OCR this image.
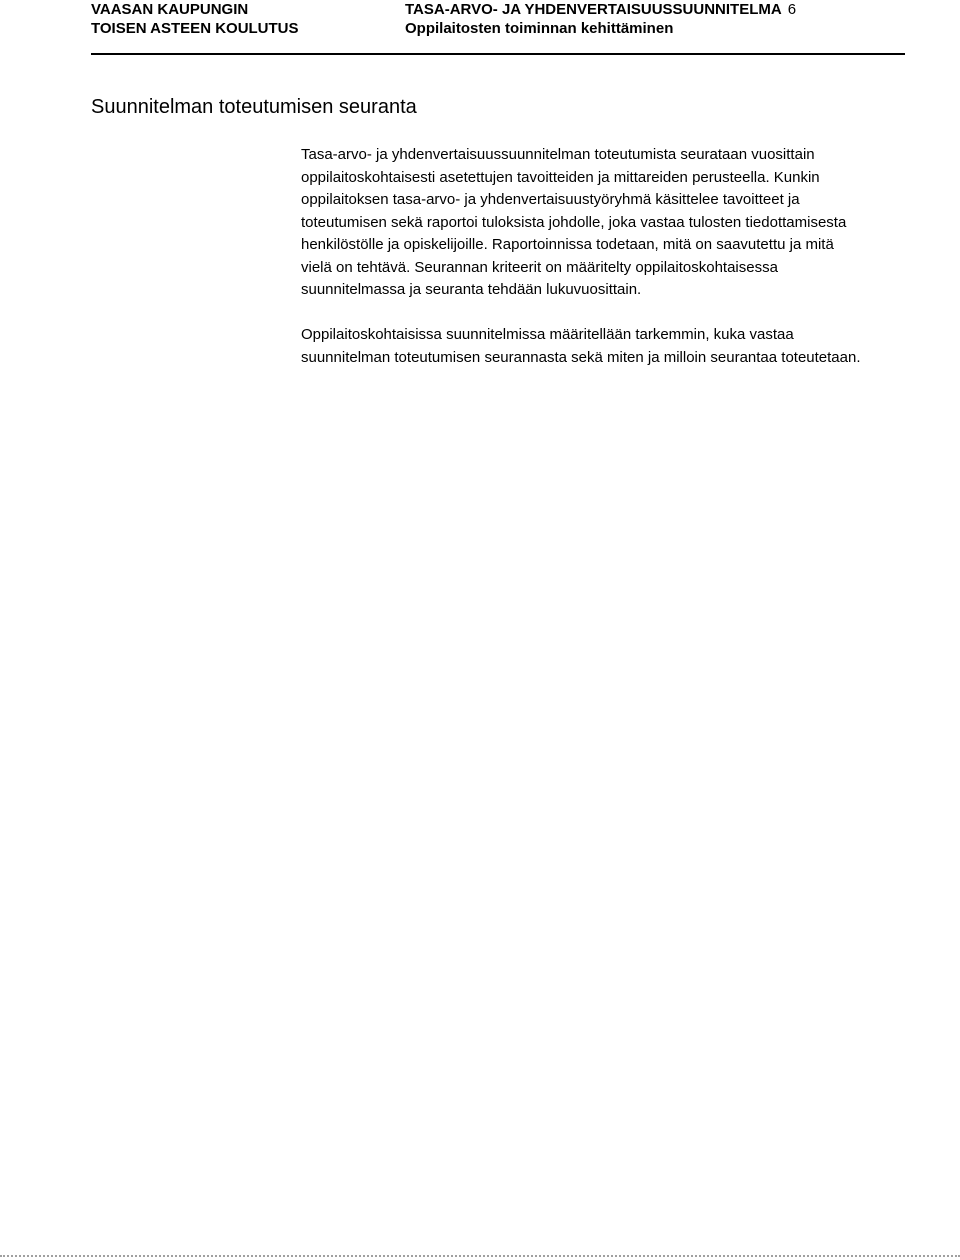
VAASAN KAUPUNGIN
TOISEN ASTEEN KOULUTUS
TASA-ARVO- JA YHDENVERTAISUUSSUUNNITELMA 6
Oppilaitosten toiminnan kehittäminen
Suunnitelman toteutumisen seuranta

Tasa-arvo- ja yhdenvertaisuussuunnitelman toteutumista seurataan vuosittain
oppilaitoskohtaisesti asetettujen tavoitteiden ja mittareiden perusteella. Kunkin
oppilaitoksen tasa-arvo- ja yhdenvertaisuustyöryhmä käsittelee tavoitteet ja
toteutumisen sekä raportoi tuloksista johdolle, joka vastaa tulosten tiedottamisesta
henkilöstölle ja opiskelijoille. Raportoinnissa todetaan, mitä on saavutettu ja mitä
vielä on tehtävä. Seurannan kriteerit on määritelty oppilaitoskohtaisessa
suunnitelmassa ja seuranta tehdään lukuvuosittain.

Oppilaitoskohtaisissa suunnitelmissa määritellään tarkemmin, kuka vastaa
suunnitelman toteutumisen seurannasta sekä miten ja milloin seurantaa toteutetaan.
